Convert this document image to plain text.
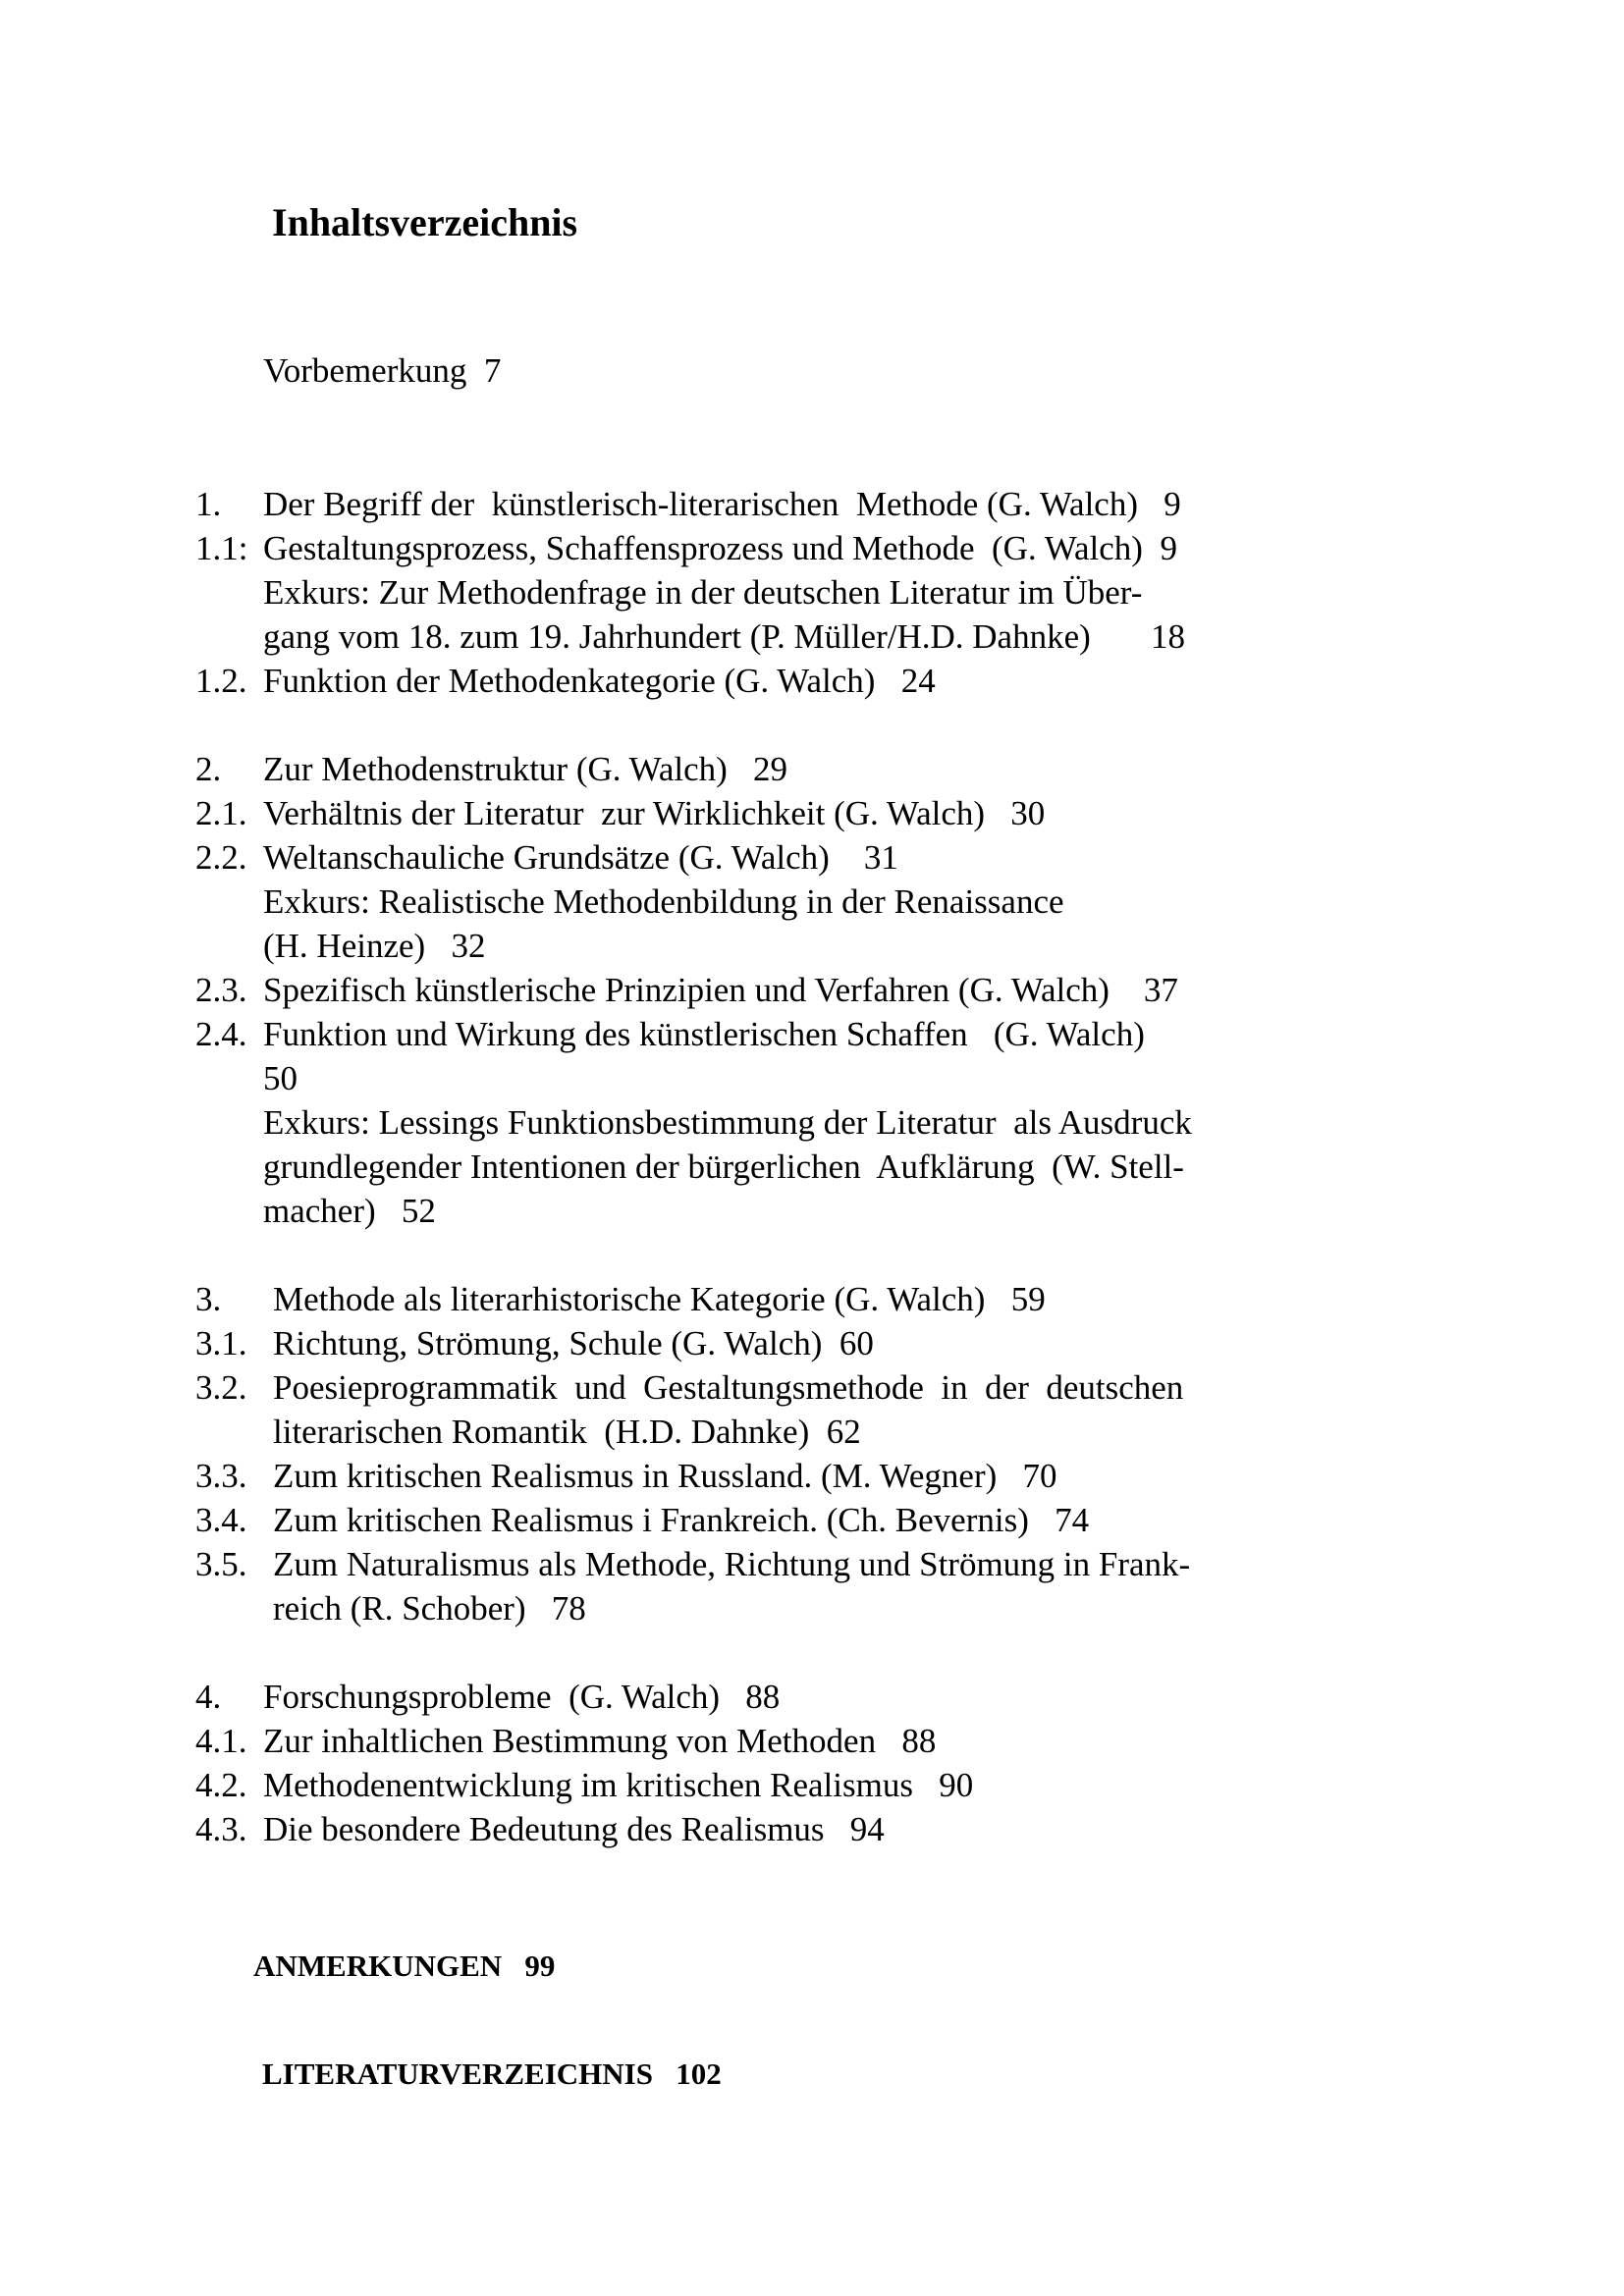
Inhaltsverzeichnis
Vorbemerkung  7
1. Der Begriff der  künstlerisch-literarischen  Methode (G. Walch)   9
1.1: Gestaltungsprozess, Schaffensprozess und Methode  (G. Walch)  9
Exkurs: Zur Methodenfrage in der deutschen Literatur im Über-
gang vom 18. zum 19. Jahrhundert (P. Müller/H.D. Dahnke)       18
1.2. Funktion der Methodenkategorie (G. Walch)   24
2. Zur Methodenstruktur (G. Walch)   29
2.1. Verhältnis der Literatur  zur Wirklichkeit (G. Walch)   30
2.2. Weltanschauliche Grundsätze (G. Walch)    31
Exkurs: Realistische Methodenbildung in der Renaissance
(H. Heinze)   32
2.3. Spezifisch künstlerische Prinzipien und Verfahren (G. Walch)    37
2.4. Funktion und Wirkung des künstlerischen Schaffen   (G. Walch)
50
Exkurs: Lessings Funktionsbestimmung der Literatur  als Ausdruck
grundlegender Intentionen der bürgerlichen  Aufklärung  (W. Stell-
macher)   52
3. Methode als literarhistorische Kategorie (G. Walch)   59
3.1. Richtung, Strömung, Schule (G. Walch)  60
3.2. Poesieprogrammatik  und  Gestaltungsmethode  in  der  deutschen
literarischen Romantik  (H.D. Dahnke)  62
3.3. Zum kritischen Realismus in Russland. (M. Wegner)   70
3.4. Zum kritischen Realismus i Frankreich. (Ch. Bevernis)   74
3.5. Zum Naturalismus als Methode, Richtung und Strömung in Frank-
reich (R. Schober)   78
4. Forschungsprobleme  (G. Walch)   88
4.1. Zur inhaltlichen Bestimmung von Methoden   88
4.2. Methodenentwicklung im kritischen Realismus   90
4.3. Die besondere Bedeutung des Realismus   94
ANMERKUNGEN   99
LITERATURVERZEICHNIS   102
